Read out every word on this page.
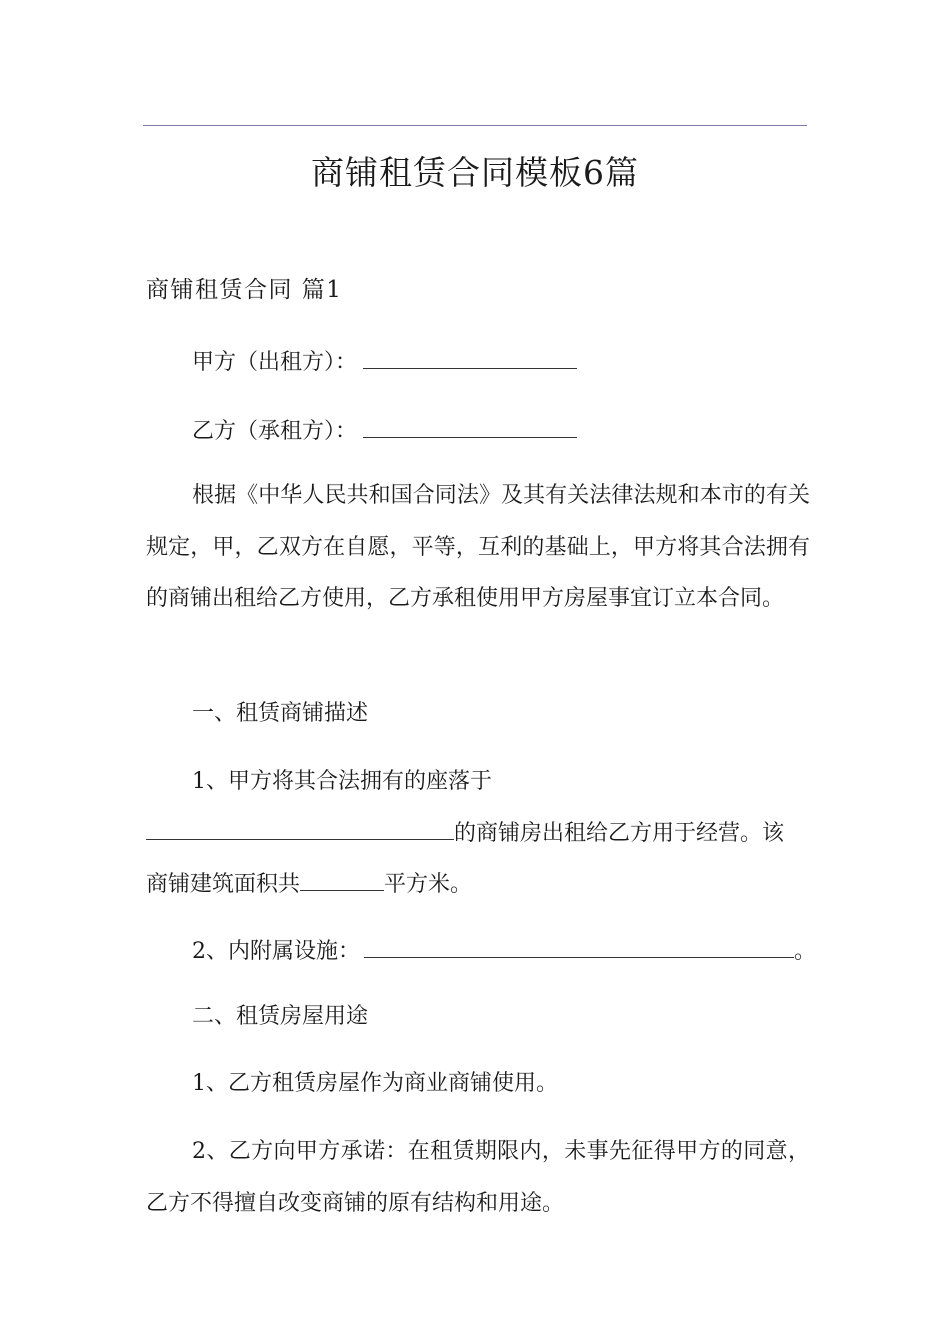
商铺租赁合同模板6篇
商铺租赁合同 篇1
甲方（出租方）：
乙方（承租方）：
根据《中华人民共和国合同法》及其有关法律法规和本市的有关规定，甲，乙双方在自愿，平等，互利的基础上，甲方将其合法拥有的商铺出租给乙方使用，乙方承租使用甲方房屋事宜订立本合同。
一、租赁商铺描述
1、甲方将其合法拥有的座落于
的商铺房出租给乙方用于经营。该
商铺建筑面积共	平方米。
2、内附属设施：	。
二、租赁房屋用途
1、乙方租赁房屋作为商业商铺使用。
2、乙方向甲方承诺：在租赁期限内，未事先征得甲方的同意，乙方不得擅自改变商铺的原有结构和用途。
